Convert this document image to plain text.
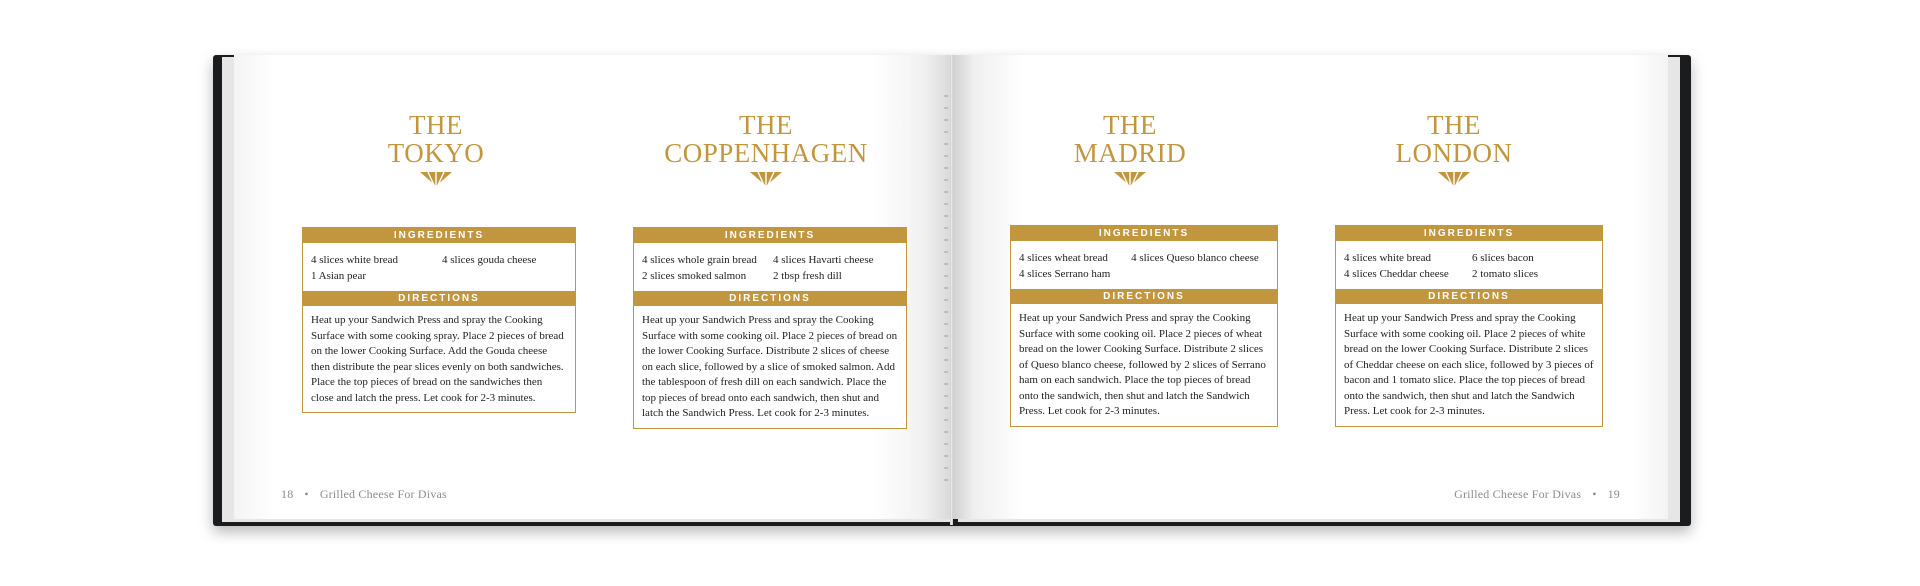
THE
TOKYO
INGREDIENTS
4 slices white bread	4 slices gouda cheese
1 Asian pear
DIRECTIONS
Heat up your Sandwich Press and spray the Cooking Surface with some cooking spray. Place 2 pieces of bread on the lower Cooking Surface. Add the Gouda cheese then distribute the pear slices evenly on both sandwiches. Place the top pieces of bread on the sandwiches then close and latch the press. Let cook for 2-3 minutes.
THE
COPPENHAGEN
INGREDIENTS
4 slices whole grain bread	4 slices Havarti cheese
2 slices smoked salmon	2 tbsp fresh dill
DIRECTIONS
Heat up your Sandwich Press and spray the Cooking Surface with some cooking oil. Place 2 pieces of bread on the lower Cooking Surface. Distribute 2 slices of cheese on each slice, followed by a slice of smoked salmon. Add the tablespoon of fresh dill on each sandwich. Place the top pieces of bread onto each sandwich, then shut and latch the Sandwich Press. Let cook for 2-3 minutes.
18 • Grilled Cheese For Divas
THE
MADRID
INGREDIENTS
4 slices wheat bread	4 slices Queso blanco cheese
4 slices Serrano ham
DIRECTIONS
Heat up your Sandwich Press and spray the Cooking Surface with some cooking oil. Place 2 pieces of wheat bread on the lower Cooking Surface. Distribute 2 slices of Queso blanco cheese, followed by 2 slices of Serrano ham on each sandwich. Place the top pieces of bread onto the sandwich, then shut and latch the Sandwich Press. Let cook for 2-3 minutes.
THE
LONDON
INGREDIENTS
4 slices white bread	6 slices bacon
4 slices Cheddar cheese	2 tomato slices
DIRECTIONS
Heat up your Sandwich Press and spray the Cooking Surface with some cooking oil. Place 2 pieces of white bread on the lower Cooking Surface. Distribute 2 slices of Cheddar cheese on each slice, followed by 3 pieces of bacon and 1 tomato slice. Place the top pieces of bread onto the sandwich, then shut and latch the Sandwich Press. Let cook for 2-3 minutes.
Grilled Cheese For Divas • 19
